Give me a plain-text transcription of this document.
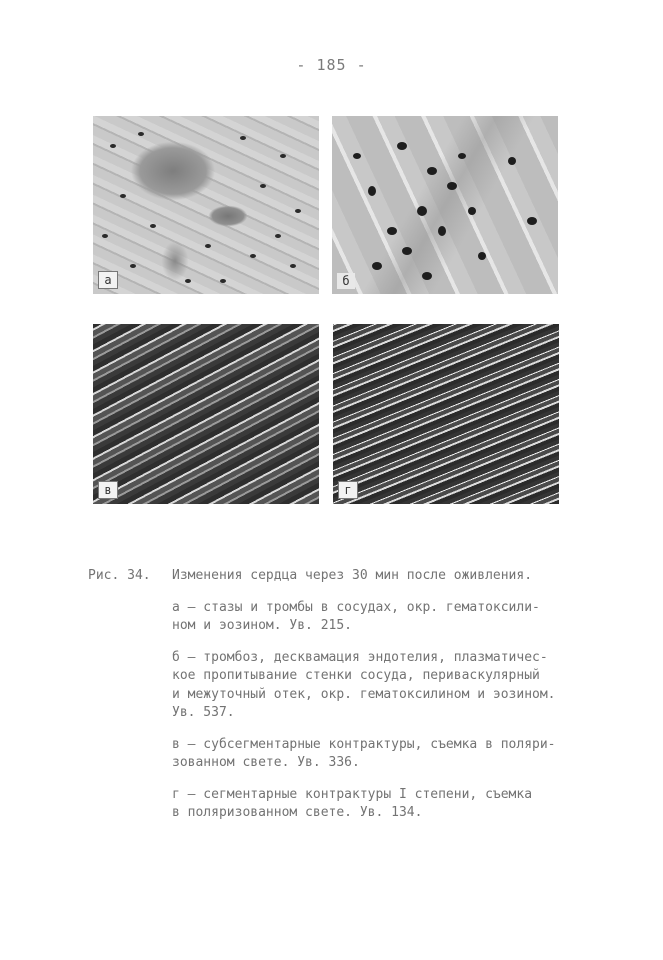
- 185 -
а	б
в	г
Рис. 34.	Изменения сердца через 30 мин после оживления.
а – стазы и тромбы в сосудах, окр. гематоксили-
ном и эозином. Ув. 215.
б – тромбоз, десквамация эндотелия, плазматичес-
кое пропитывание стенки сосуда, периваскулярный
и межуточный отек, окр. гематоксилином и эозином.
Ув. 537.
в – субсегментарные контрактуры, съемка в поляри-
зованном свете. Ув. 336.
г – сегментарные контрактуры I степени, съемка
в поляризованном свете. Ув. 134.
